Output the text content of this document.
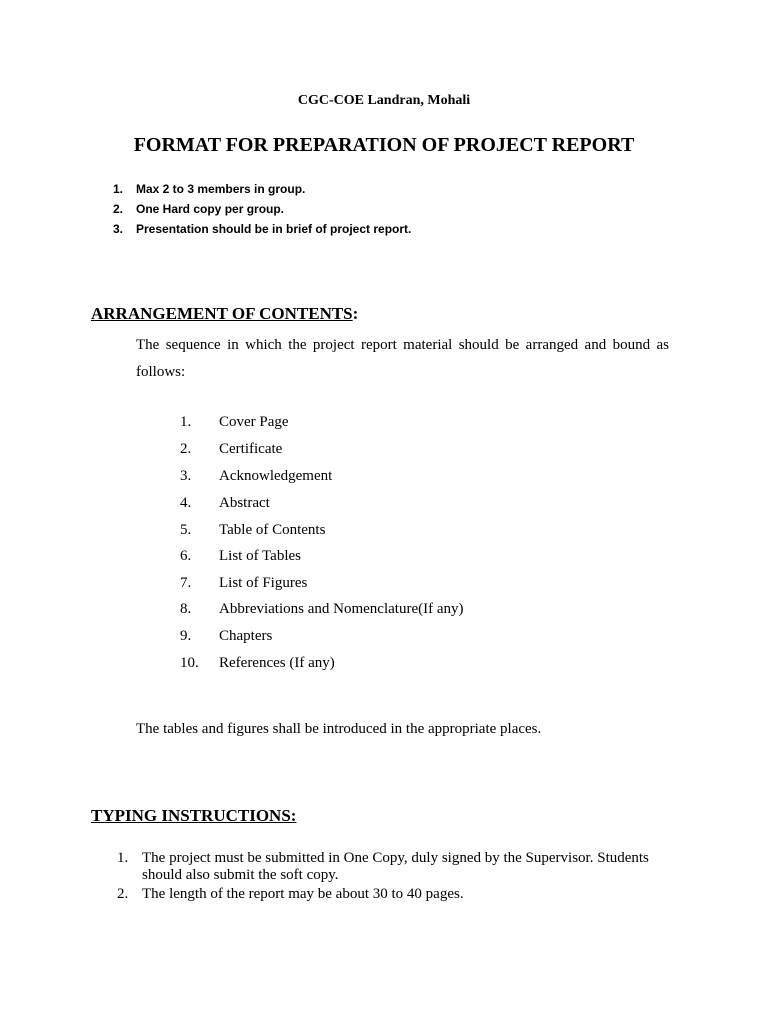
CGC-COE Landran, Mohali
FORMAT FOR PREPARATION OF PROJECT REPORT
1. Max 2 to 3 members in group.
2. One Hard copy per group.
3. Presentation should be in brief of project report.
ARRANGEMENT OF CONTENTS:
The sequence in which the project report material should be arranged and bound as follows:
1. Cover Page
2. Certificate
3. Acknowledgement
4. Abstract
5. Table of Contents
6. List of Tables
7. List of Figures
8. Abbreviations and Nomenclature(If any)
9. Chapters
10. References (If any)
The tables and figures shall be introduced in the appropriate places.
TYPING INSTRUCTIONS:
1. The project must be submitted in One Copy, duly signed by the Supervisor. Students should also submit the soft copy.
2. The length of the report may be about 30 to 40 pages.
